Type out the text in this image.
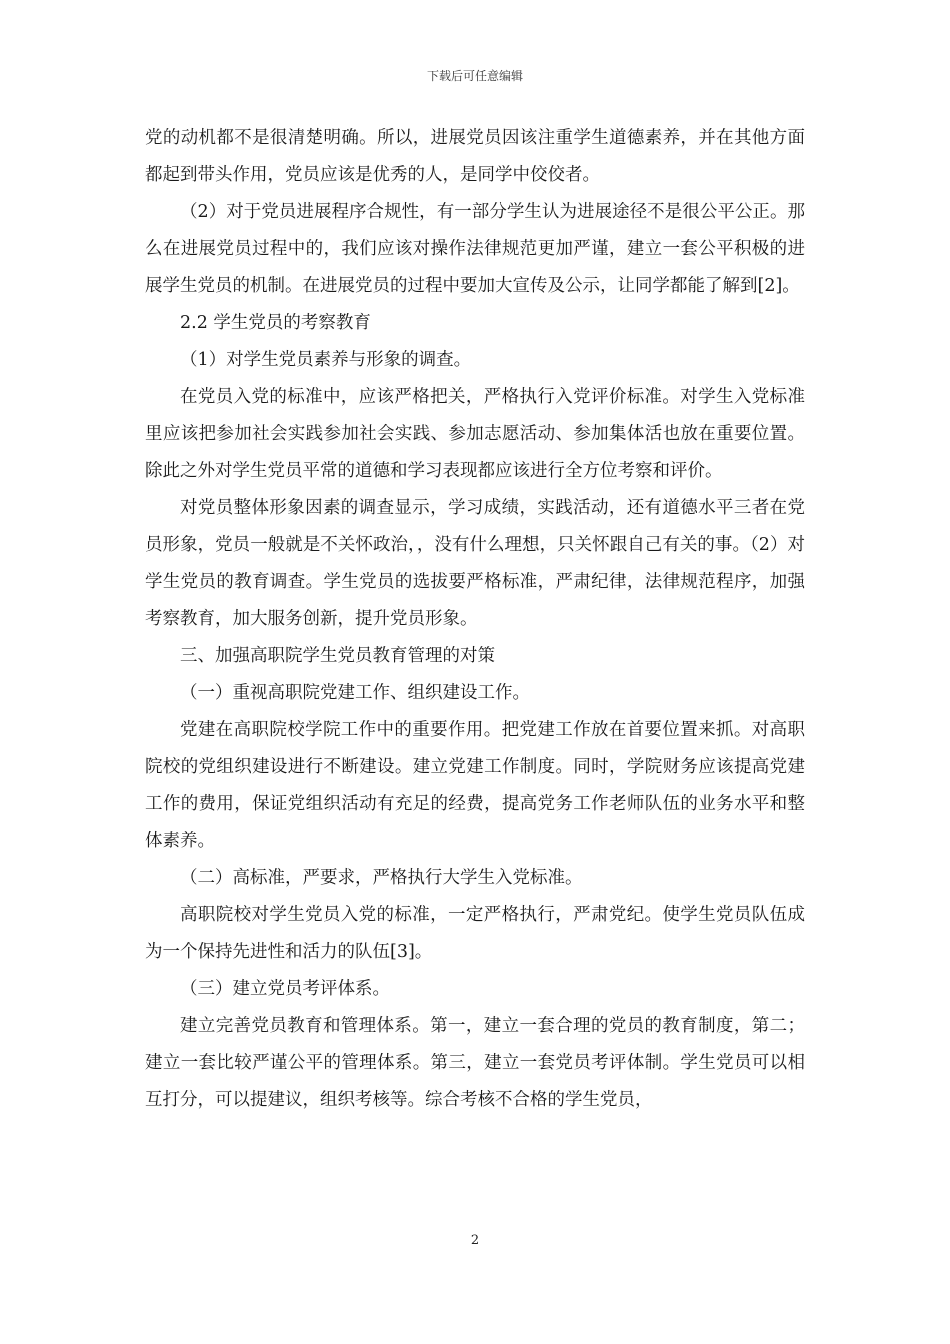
下载后可任意编辑

党的动机都不是很清楚明确。所以，进展党员因该注重学生道德素养，并在其他方面都起到带头作用，党员应该是优秀的人，是同学中佼佼者。

（2）对于党员进展程序合规性，有一部分学生认为进展途径不是很公平公正。那么在进展党员过程中的，我们应该对操作法律规范更加严谨，建立一套公平积极的进展学生党员的机制。在进展党员的过程中要加大宣传及公示，让同学都能了解到[2]。

2.2 学生党员的考察教育

（1）对学生党员素养与形象的调查。

在党员入党的标准中，应该严格把关，严格执行入党评价标准。对学生入党标准里应该把参加社会实践参加社会实践、参加志愿活动、参加集体活也放在重要位置。除此之外对学生党员平常的道德和学习表现都应该进行全方位考察和评价。

对党员整体形象因素的调查显示，学习成绩，实践活动，还有道德水平三者在党员形象，党员一般就是不关怀政治，，没有什么理想，只关怀跟自己有关的事。（2）对学生党员的教育调查。学生党员的选拔要严格标准，严肃纪律，法律规范程序，加强考察教育，加大服务创新，提升党员形象。

三、加强高职院学生党员教育管理的对策

（一）重视高职院党建工作、组织建设工作。

党建在高职院校学院工作中的重要作用。把党建工作放在首要位置来抓。对高职院校的党组织建设进行不断建设。建立党建工作制度。同时，学院财务应该提高党建工作的费用，保证党组织活动有充足的经费，提高党务工作老师队伍的业务水平和整体素养。

（二）高标准，严要求，严格执行大学生入党标准。

高职院校对学生党员入党的标准，一定严格执行，严肃党纪。使学生党员队伍成为一个保持先进性和活力的队伍[3]。

（三）建立党员考评体系。

建立完善党员教育和管理体系。第一，建立一套合理的党员的教育制度，第二；建立一套比较严谨公平的管理体系。第三，建立一套党员考评体制。学生党员可以相互打分，可以提建议，组织考核等。综合考核不合格的学生党员，

2
